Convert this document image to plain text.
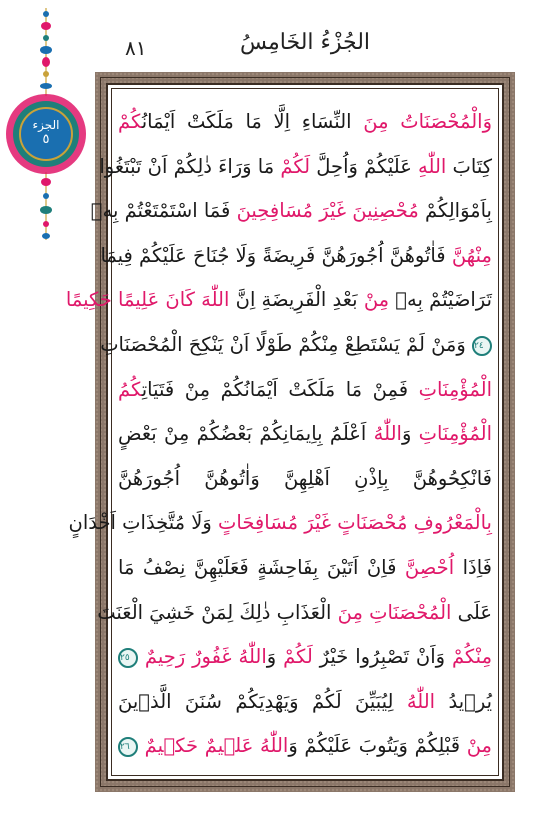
الجزء
٥
٨١	الجُزْءُ الخَامِسُ
وَالْمُحْصَنَاتُ مِنَ النِّسَاءِ اِلَّا مَا مَلَكَتْ اَيْمَانُكُمْ
كِتَابَ اللّٰهِ عَلَيْكُمْ وَاُحِلَّ لَكُمْ مَا وَرَاءَ ذٰلِكُمْ اَنْ تَبْتَغُوا
بِاَمْوَالِكُمْ مُحْصِنِينَ غَيْرَ مُسَافِحِينَ فَمَا اسْتَمْتَعْتُمْ بِه۪
مِنْهُنَّ فَاٰتُوهُنَّ اُجُورَهُنَّ فَرِيضَةً وَلَا جُنَاحَ عَلَيْكُمْ فِيمَا
تَرَاضَيْتُمْ بِه۪ مِنْ بَعْدِ الْفَرِيضَةِ اِنَّ اللّٰهَ كَانَ عَلِيمًا حَكِيمًا
٢٤ وَمَنْ لَمْ يَسْتَطِعْ مِنْكُمْ طَوْلًا اَنْ يَنْكِحَ الْمُحْصَنَاتِ
الْمُؤْمِنَاتِ فَمِنْ مَا مَلَكَتْ اَيْمَانُكُمْ مِنْ فَتَيَاتِكُمُ
الْمُؤْمِنَاتِ وَاللّٰهُ اَعْلَمُ بِاِيمَانِكُمْ بَعْضُكُمْ مِنْ بَعْضٍ
فَانْكِحُوهُنَّ بِاِذْنِ اَهْلِهِنَّ وَاٰتُوهُنَّ اُجُورَهُنَّ
بِالْمَعْرُوفِ مُحْصَنَاتٍ غَيْرَ مُسَافِحَاتٍ وَلَا مُتَّخِذَاتِ اَخْدَانٍ
فَاِذَا اُحْصِنَّ فَاِنْ اَتَيْنَ بِفَاحِشَةٍ فَعَلَيْهِنَّ نِصْفُ مَا
عَلَى الْمُحْصَنَاتِ مِنَ الْعَذَابِ ذٰلِكَ لِمَنْ خَشِيَ الْعَنَتَ
مِنْكُمْ وَاَنْ تَصْبِرُوا خَيْرٌ لَكُمْ وَاللّٰهُ غَفُورٌ رَحِيمٌ ٢٥
يُر۪يدُ اللّٰهُ لِيُبَيِّنَ لَكُمْ وَيَهْدِيَكُمْ سُنَنَ الَّذ۪ينَ
مِنْ قَبْلِكُمْ وَيَتُوبَ عَلَيْكُمْ وَاللّٰهُ عَل۪يمٌ حَك۪يمٌ ٢٦
